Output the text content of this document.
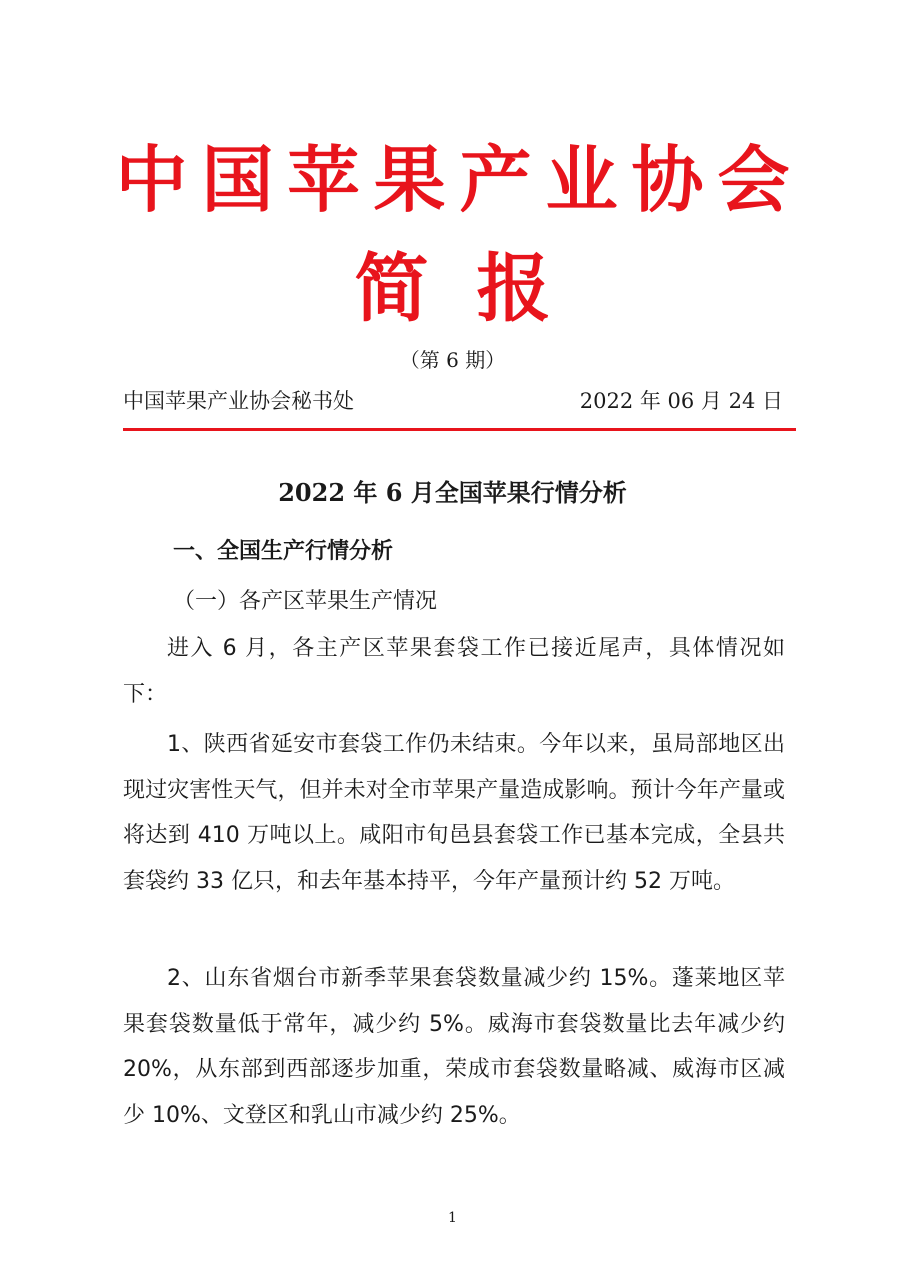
中国苹果产业协会
简报
（第 6 期）
中国苹果产业协会秘书处	2022 年 06 月 24 日
2022 年 6 月全国苹果行情分析
一、全国生产行情分析
（一）各产区苹果生产情况
进入 6 月，各主产区苹果套袋工作已接近尾声，具体情况如下：
1、陕西省延安市套袋工作仍未结束。今年以来，虽局部地区出现过灾害性天气，但并未对全市苹果产量造成影响。预计今年产量或将达到 410 万吨以上。咸阳市旬邑县套袋工作已基本完成，全县共套袋约 33 亿只，和去年基本持平，今年产量预计约 52 万吨。
2、山东省烟台市新季苹果套袋数量减少约 15%。蓬莱地区苹果套袋数量低于常年，减少约 5%。威海市套袋数量比去年减少约 20%，从东部到西部逐步加重，荣成市套袋数量略减、威海市区减少 10%、文登区和乳山市减少约 25%。
1
